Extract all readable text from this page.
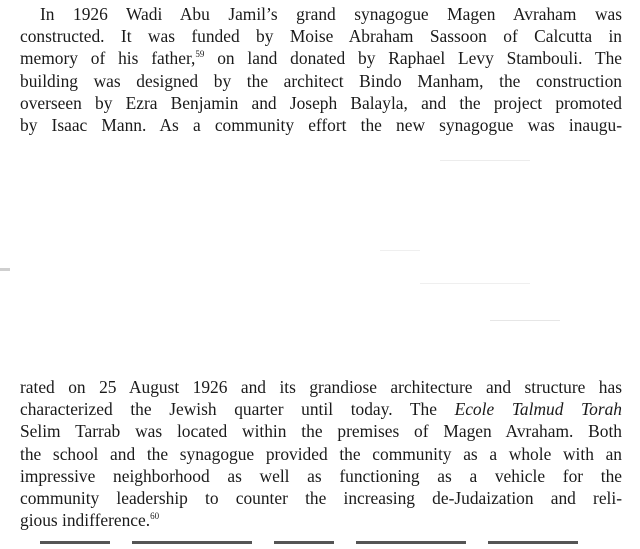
In 1926 Wadi Abu Jamil’s grand synagogue Magen Avraham was
constructed. It was funded by Moise Abraham Sassoon of Calcutta in
memory of his father,$^{59}$ on land donated by Raphael Levy Stambouli. The
building was designed by the architect Bindo Manham, the construction
overseen by Ezra Benjamin and Joseph Balayla, and the project promoted
by Isaac Mann. As a community effort the new synagogue was inaugu-

rated on 25 August 1926 and its grandiose architecture and structure has
characterized the Jewish quarter until today. The Ecole Talmud Torah
Selim Tarrab was located within the premises of Magen Avraham. Both
the school and the synagogue provided the community as a whole with an
impressive neighborhood as well as functioning as a vehicle for the
community leadership to counter the increasing de-Judaization and reli-
gious indifference.$^{60}$
